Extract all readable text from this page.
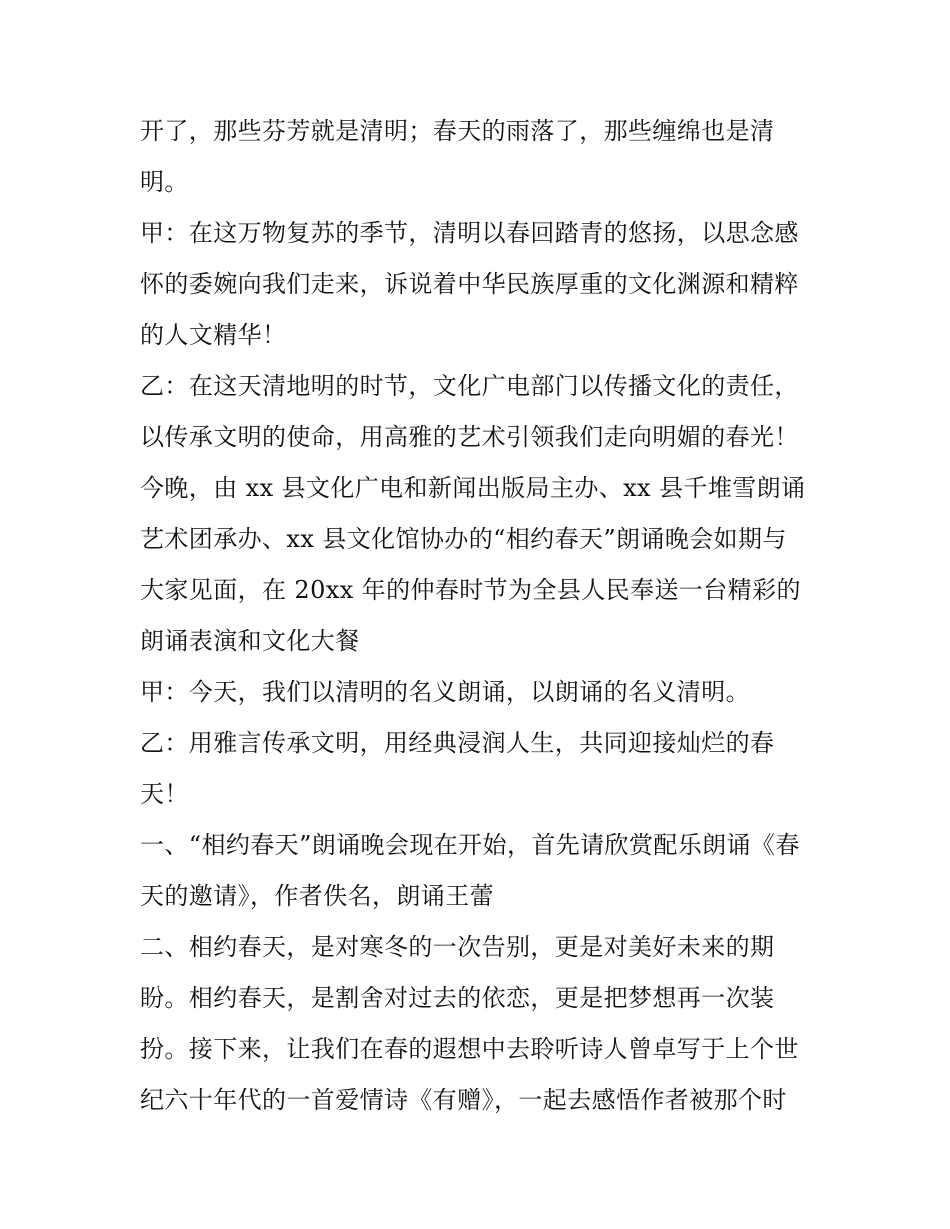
开了，那些芬芳就是清明；春天的雨落了，那些缠绵也是清
明。
甲：在这万物复苏的季节，清明以春回踏青的悠扬，以思念感
怀的委婉向我们走来，诉说着中华民族厚重的文化渊源和精粹
的人文精华！
乙：在这天清地明的时节，文化广电部门以传播文化的责任，
以传承文明的使命，用高雅的艺术引领我们走向明媚的春光！
今晚，由 xx 县文化广电和新闻出版局主办、xx 县千堆雪朗诵
艺术团承办、xx 县文化馆协办的“相约春天”朗诵晚会如期与
大家见面，在 20xx 年的仲春时节为全县人民奉送一台精彩的
朗诵表演和文化大餐
甲：今天，我们以清明的名义朗诵，以朗诵的名义清明。
乙：用雅言传承文明，用经典浸润人生，共同迎接灿烂的春
天！
一、“相约春天”朗诵晚会现在开始，首先请欣赏配乐朗诵《春
天的邀请》，作者佚名，朗诵王蕾
二、相约春天，是对寒冬的一次告别，更是对美好未来的期
盼。相约春天，是割舍对过去的依恋，更是把梦想再一次装
扮。接下来，让我们在春的遐想中去聆听诗人曾卓写于上个世
纪六十年代的一首爱情诗《有赠》，一起去感悟作者被那个时
